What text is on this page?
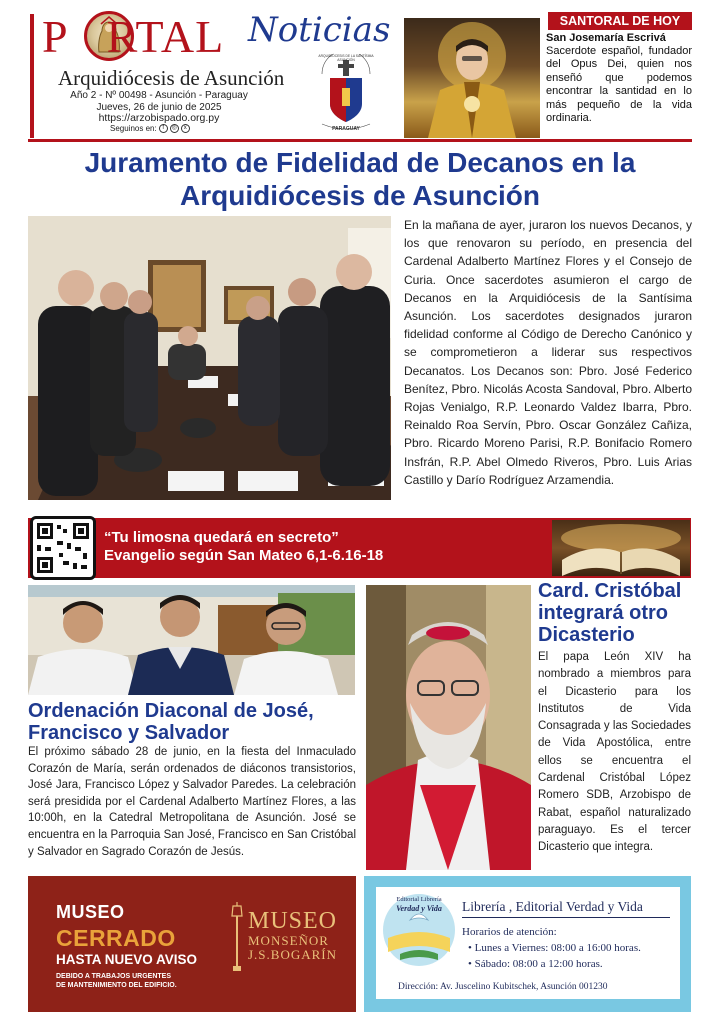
P RTAL Noticias
Arquidiócesis de Asunción
Año 2 - Nº 00498 - Asunción - Paraguay
Jueves, 26 de junio de 2025
https://arzobispado.org.py
Seguinos en: f	◎	x
ARQUIDIÓCESIS DE LA SANTÍSIMA ASUNCIÓN
PARAGUAY
SANTORAL DE HOY
San Josemaría Escrivá
Sacerdote español, fundador del Opus Dei, quien nos enseñó que podemos encontrar la santidad en lo más pequeño de la vida ordinaria.
Juramento de Fidelidad de Decanos en la
Arquidiócesis de Asunción
En la mañana de ayer, juraron los nuevos Decanos, y los que renovaron su período, en presencia del Cardenal Adalberto Martínez Flores y el Consejo de Curia. Once sacerdotes asumieron el cargo de Decanos en la Arquidiócesis de la Santísima Asunción. Los sacerdotes designados juraron fidelidad conforme al Código de Derecho Canónico y se comprometieron a liderar sus respectivos Decanatos. Los Decanos son: Pbro. José Federico Benítez, Pbro. Nicolás Acosta Sandoval, Pbro. Alberto Rojas Venialgo, R.P. Leonardo Valdez Ibarra, Pbro. Reinaldo Roa Servín, Pbro. Oscar González Cañiza, Pbro. Ricardo Moreno Parisi, R.P. Bonifacio Romero Insfrán, R.P. Abel Olmedo Riveros, Pbro. Luis Arias Castillo y Darío Rodríguez Arzamendia.
“Tu limosna quedará en secreto”
Evangelio según San Mateo 6,1-6.16-18
Ordenación Diaconal de José,
Francisco y Salvador
El próximo sábado 28 de junio, en la fiesta del Inmaculado Corazón de María, serán ordenados de diáconos transistorios, José Jara, Francisco López y Salvador Paredes. La celebración será presidida por el Cardenal Adalberto Martínez Flores, a las 10:00h, en la Catedral Metropolitana de Asunción. José se encuentra en la Parroquia San José, Francisco en San Cristóbal y Salvador en Sagrado Corazón de Jesús.
Card. Cristóbal
integrará otro
Dicasterio
El papa León XIV ha nombrado a miembros para el Dicasterio para los Institutos de Vida Consagrada y las Sociedades de Vida Apostólica, entre ellos se encuentra el Cardenal Cristóbal López Romero SDB, Arzobispo de Rabat, español naturalizado paraguayo. Es el tercer Dicasterio que integra.
MUSEO
CERRADO
HASTA NUEVO AVISO
DEBIDO A TRABAJOS URGENTES
DE MANTENIMIENTO DEL EDIFICIO.
MUSEO
MONSEÑOR
J.S.BOGARÍN
Editorial Librería
Verdad y Vida	Librería , Editorial Verdad y Vida
Horarios de atención:
• Lunes a Viernes: 08:00 a 16:00 horas.
• Sábado: 08:00 a 12:00 horas.
Dirección: Av. Juscelino Kubitschek, Asunción 001230
